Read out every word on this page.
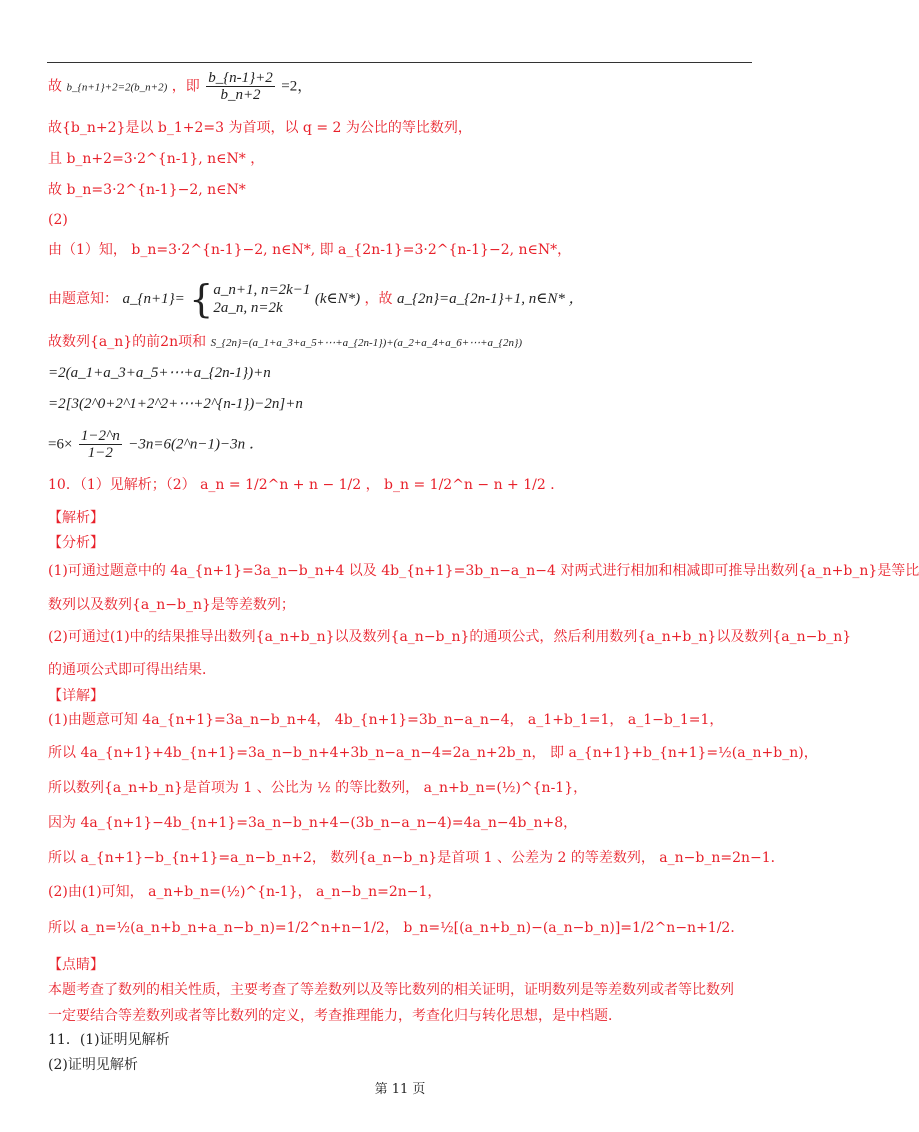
故 b_{n+1}+2=2(b_n+2) ，即 $\frac{b\_\{n-1\}+2}{b\_n+2} =2$，
故{b_n+2}是以 b_1+2=3 为首项，以 q = 2 为公比的等比数列，
且 b_n+2=3·2^{n-1}, n∈N* ，
故 b_n=3·2^{n-1}−2, n∈N*
(2)
由（1）知， b_n=3·2^{n-1}−2, n∈N*, 即 a_{2n-1}=3·2^{n-1}−2, n∈N*，
由题意知： a_{n+1}= { a_n+1, n=2k−1
2a_n, n=2k
(k∈N*) ，故 a_{2n}=a_{2n-1}+1, n∈N* ，
故数列{a_n}的前2n项和 S_{2n}=(a_1+a_3+a_5+⋯+a_{2n-1})+(a_2+a_4+a_6+⋯+a_{2n})
=2(a_1+a_3+a_5+⋯+a_{2n-1})+n
=2[3(2^0+2^1+2^2+⋯+2^{n-1})−2n]+n
$=6\times \frac{1-2\^{}n}{1-2}$ −3n=6(2^n−1)−3n ．
10．（1）见解析；（2） a_n = 1/2^n + n − 1/2 ， b_n = 1/2^n − n + 1/2 ．
【解析】
【分析】
(1)可通过题意中的 4a_{n+1}=3a_n−b_n+4 以及 4b_{n+1}=3b_n−a_n−4 对两式进行相加和相减即可推导出数列{a_n+b_n}是等比
数列以及数列{a_n−b_n}是等差数列；
(2)可通过(1)中的结果推导出数列{a_n+b_n}以及数列{a_n−b_n}的通项公式，然后利用数列{a_n+b_n}以及数列{a_n−b_n}
的通项公式即可得出结果．
【详解】
(1)由题意可知 4a_{n+1}=3a_n−b_n+4， 4b_{n+1}=3b_n−a_n−4， a_1+b_1=1， a_1−b_1=1，
所以 4a_{n+1}+4b_{n+1}=3a_n−b_n+4+3b_n−a_n−4=2a_n+2b_n， 即 a_{n+1}+b_{n+1}=½(a_n+b_n)，
所以数列{a_n+b_n}是首项为 1 、公比为 ½ 的等比数列， a_n+b_n=(½)^{n-1}，
因为 4a_{n+1}−4b_{n+1}=3a_n−b_n+4−(3b_n−a_n−4)=4a_n−4b_n+8，
所以 a_{n+1}−b_{n+1}=a_n−b_n+2， 数列{a_n−b_n}是首项 1 、公差为 2 的等差数列， a_n−b_n=2n−1．
(2)由(1)可知， a_n+b_n=(½)^{n-1}， a_n−b_n=2n−1，
所以 a_n=½(a_n+b_n+a_n−b_n)=1/2^n+n−1/2， b_n=½[(a_n+b_n)−(a_n−b_n)]=1/2^n−n+1/2．
【点睛】
本题考查了数列的相关性质，主要考查了等差数列以及等比数列的相关证明，证明数列是等差数列或者等比数列
一定要结合等差数列或者等比数列的定义，考查推理能力，考查化归与转化思想，是中档题．
11．(1)证明见解析
(2)证明见解析
第 11 页
